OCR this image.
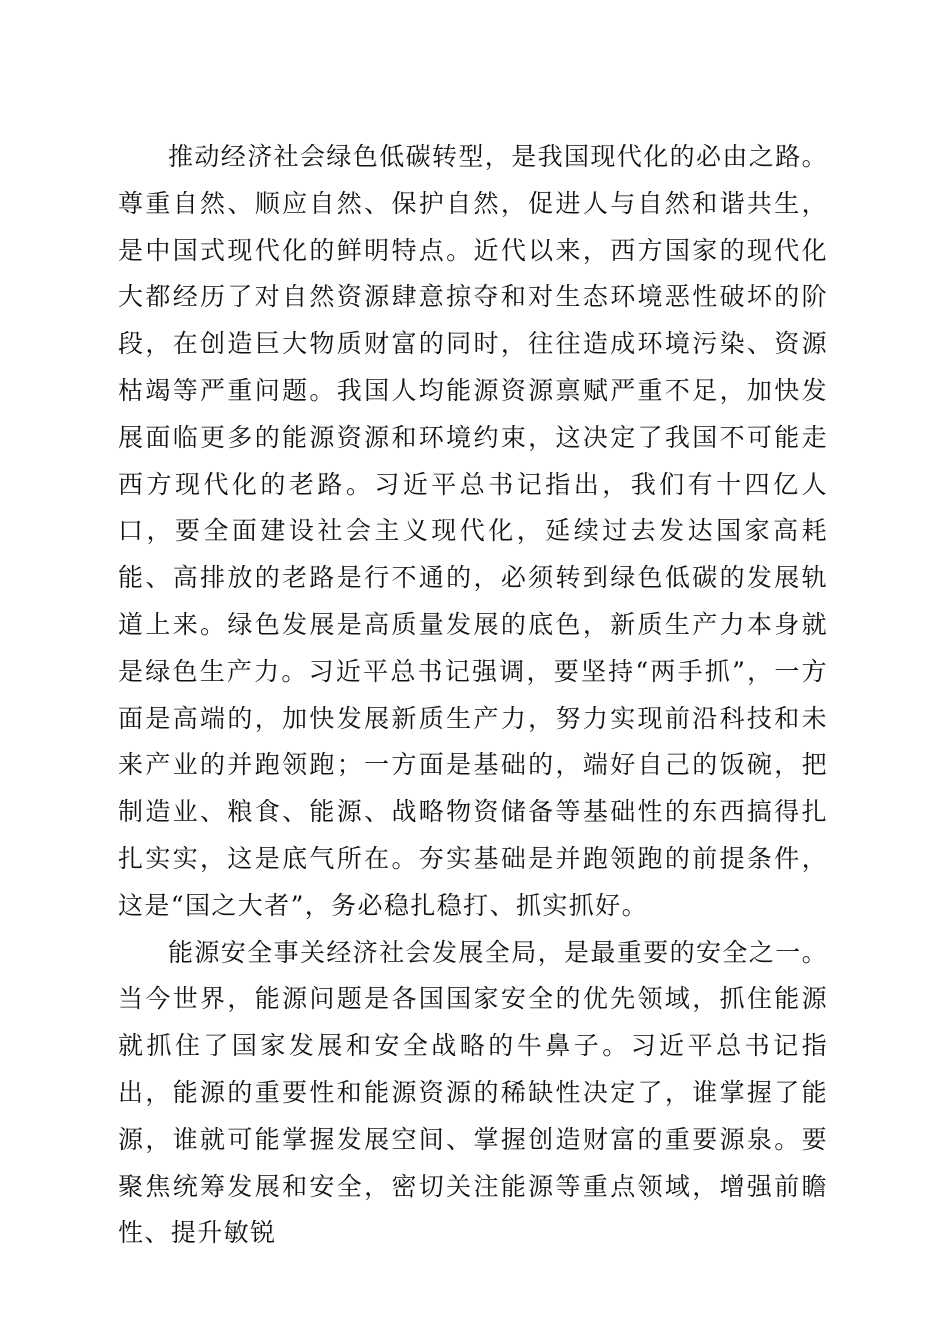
推动经济社会绿色低碳转型，是我国现代化的必由之路。尊重自然、顺应自然、保护自然，促进人与自然和谐共生，是中国式现代化的鲜明特点。近代以来，西方国家的现代化大都经历了对自然资源肆意掠夺和对生态环境恶性破坏的阶段，在创造巨大物质财富的同时，往往造成环境污染、资源枯竭等严重问题。我国人均能源资源禀赋严重不足，加快发展面临更多的能源资源和环境约束，这决定了我国不可能走西方现代化的老路。习近平总书记指出，我们有十四亿人口，要全面建设社会主义现代化，延续过去发达国家高耗能、高排放的老路是行不通的，必须转到绿色低碳的发展轨道上来。绿色发展是高质量发展的底色，新质生产力本身就是绿色生产力。习近平总书记强调，要坚持“两手抓”，一方面是高端的，加快发展新质生产力，努力实现前沿科技和未来产业的并跑领跑；一方面是基础的，端好自己的饭碗，把制造业、粮食、能源、战略物资储备等基础性的东西搞得扎扎实实，这是底气所在。夯实基础是并跑领跑的前提条件，这是“国之大者”，务必稳扎稳打、抓实抓好。

能源安全事关经济社会发展全局，是最重要的安全之一。当今世界，能源问题是各国国家安全的优先领域，抓住能源就抓住了国家发展和安全战略的牛鼻子。习近平总书记指出，能源的重要性和能源资源的稀缺性决定了，谁掌握了能源，谁就可能掌握发展空间、掌握创造财富的重要源泉。要聚焦统筹发展和安全，密切关注能源等重点领域，增强前瞻性、提升敏锐
